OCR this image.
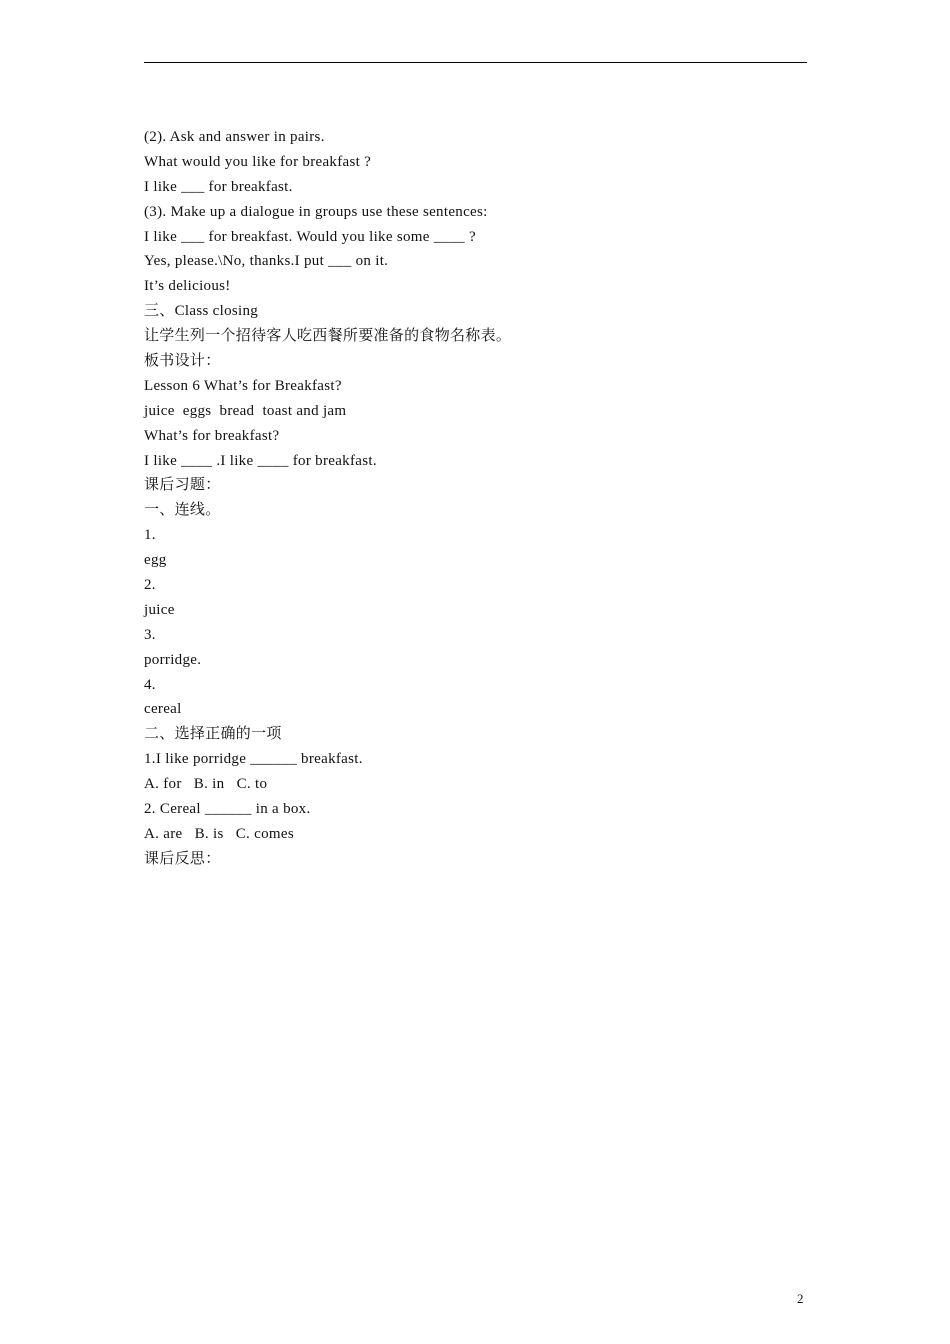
(2). Ask and answer in pairs.
What would you like for breakfast ?
I like ___ for breakfast.
(3). Make up a dialogue in groups use these sentences:
I like ___ for breakfast. Would you like some ____ ?
Yes, please.\No, thanks.I put ___ on it.
It’s delicious!
三、Class closing
让学生列一个招待客人吃西餐所要准备的食物名称表。
板书设计：
Lesson 6 What’s for Breakfast?
juice  eggs  bread  toast and jam
What’s for breakfast?
I like ____ .I like ____ for breakfast.
课后习题：
一、连线。
1.
egg
2.
juice
3.
porridge.
4.
cereal
二、选择正确的一项
1.I like porridge ______ breakfast.
A. for   B. in   C. to
2. Cereal ______ in a box.
A. are   B. is   C. comes
课后反思：
2
